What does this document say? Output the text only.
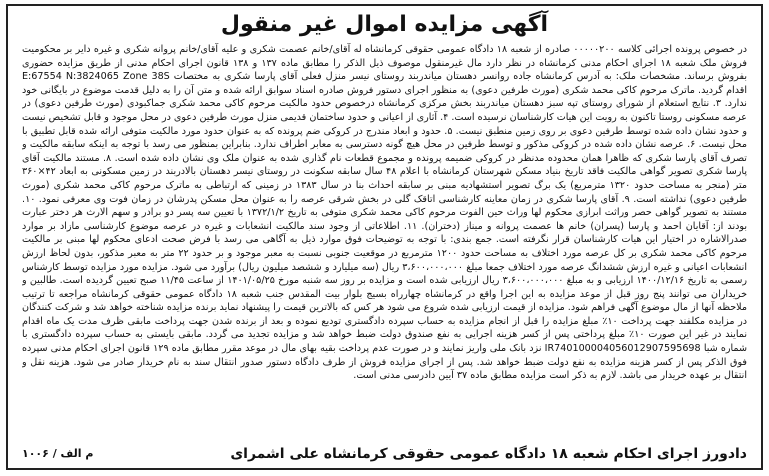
آگهی مزایده اموال غیر منقول

در خصوص پرونده اجرائی کلاسه ۰۰۰۰۰۲۰۰ صادره از شعبه ۱۸ دادگاه عمومی حقوقی کرمانشاه له آقای/خانم عصمت شکری و علیه آقای/خانم پروانه شکری و غیره دایر بر محکومیت فروش ملک شعبه ۱۸ اجرای احکام مدنی کرمانشاه در نظر دارد مال غیرمنقول موصوف ذیل الذکر را مطابق ماده ۱۳۷ و ۱۳۸ قانون اجرای احکام مدنی از طریق مزایده حضوری بفروش برساند. مشخصات ملک: به آدرس کرمانشاه جاده روانسر دهستان میاندربند روستای نیسر منزل فعلی آقای پارسا شکری به مختصات E:67554 N:3824065 Zone 38S اقدام گردید. ماترک مرحوم کاکی محمد شکری (مورث طرفین دعوی) به منظور اجرای دستور فروش صادره اسناد سوابق ارائه شده و متن آن را به دلیل قدمت موضوع در بایگانی خود ندارد. ۳. نتایج استعلام از شورای روستای تپه سبز دهستان میاندربند بخش مرکزی کرمانشاه درخصوص حدود مالکیت مرحوم کاکی محمد شکری جماکبودی (مورث طرفین دعوی) در عرصه مسکونی روستا تاکنون به رویت این هیات کارشناسان نرسیده است. ۴. آثاری از اعیانی و حدود ساختمان قدیمی منزل مورث طرفین دعوی در محل موجود و قابل تشخیص نیست و حدود نشان داده شده توسط طرفین دعوی بر روی زمین منطبق نیست. ۵. حدود و ابعاد مندرج در کروکی ضم پرونده که به عنوان حدود مورد مالکیت متوفی ارائه شده قابل تطبیق با محل نیست. ۶. عرصه نشان داده شده در کروکی مذکور و توسط طرفین در محل هیچ گونه دسترسی به معابر اطراف ندارد. بنابراین بمنظور می رسد با توجه به اینکه سابقه مالکیت و تصرف آقای پارسا شکری که ظاهرا همان محدوده مدنظر در کروکی ضمیمه پرونده و مجموع قطعات نام گذاری شده به عنوان ملک وی نشان داده شده است. ۸. مستند مالکیت آقای پارسا شکری تصویر گواهی مالکیت فاقد تاریخ بنیاد مسکن شهرستان کرمانشاه با اعلام ۴۸ سال سابقه سکونت در روستای نیسر دهستان بالادربند در زمین مسکونی به ابعاد ۴۲×۳۶۰ متر (منجر به مساحت حدود ۱۳۲۰ مترمربع) یک برگ تصویر استشهادیه مبنی بر سابقه احداث بنا در سال ۱۳۸۳ در زمینی که ارتباطی به ماترک مرحوم کاکی محمد شکری (مورث طرفین دعوی) نداشته است. ۹. آقای پارسا شکری در زمان معاینه کارشناسی اتاقک گلی در بخش شرقی عرصه را به عنوان محل مسکن پدرشان در زمان فوت وی معرفی نمود. ۱۰. مستند به تصویر گواهی حصر وراثت ابرازی محکوم لها وراث حین الفوت مرحوم کاکی محمد شکری متوفی به تاریخ ۱۳۷۲/۱/۲ با تعیین سه پسر دو برادر و سهم الارث هر دختر عبارت بودند از: آقایان احمد و پارسا (پسران) خانم ها عصمت پروانه و میناز (دختران). ۱۱. اطلاعاتی از وجود سند مالکیت انشعابات و غیره در عرصه موضوع کارشناسی مازاد بر موارد صدرالاشاره در اختیار این هیات کارشناسان قرار نگرفته است. جمع بندی: با توجه به توضیحات فوق موارد ذیل به آگاهی می رسد با فرض صحت ادعای محکوم لها مبنی بر مالکیت مرحوم کاکی محمد شکری بر کل عرصه مورد اختلاف به مساحت حدود ۱۲۰۰ مترمربع در موقعیت جنوبی نسبت به معبر موجود و بر حدود ۲۲ متر به معبر مذکور، بدون لحاظ ارزش انشعابات اعیانی و غیره ارزش ششدانگ عرصه مورد اختلاف جمعا مبلغ ۳،۶۰۰،۰۰۰،۰۰۰ ریال (سه میلیارد و ششصد میلیون ریال) برآورد می شود. مزایده مورد مزایده توسط کارشناس رسمی به تاریخ ۱۴۰۰/۱۲/۱۶ ارزیابی و به مبلغ ۳،۶۰۰،۰۰۰،۰۰۰ ریال ارزیابی شده است و مزایده بر روز سه شنبه مورخ ۱۴۰۱/۰۵/۲۵ از ساعت ۱۱/۴۵ صبح تعیین گردیده است. طالبین و خریداران می توانند پنج روز قبل از موعد مزایده به این اجرا واقع در کرمانشاه چهارراه بسیج بلوار بیت المقدس جنب شعبه ۱۸ دادگاه عمومی حقوقی کرمانشاه مراجعه تا ترتیب ملاحظه آنها از مال موضوع آگهی فراهم شود. مزایده از قیمت ارزیابی شده شروع می شود هر کس که بالاترین قیمت را پیشنهاد نماید برنده مزایده شناخته خواهد شد و شرکت کنندگان در مزایده مکلفند جهت پرداخت ۱۰٪ مبلغ مزایده را قبل از انجام مزایده به حساب سپرده دادگستری تودیع نموده و بعد از برنده شدن جهت پرداخت مابقی ظرف مدت یک ماه اقدام نمایند در غیر این صورت ۱۰٪ مبلغ پرداختی پس از کسر هزینه اجرایی به نفع صندوق دولت ضبط خواهد شد و مزایده تجدید می گردد. مابقی بایستی به حساب سپرده دادگستری با شماره شبا IR740100004056012907595698 نزد بانک ملی واریز نمایند و در صورت عدم پرداخت بقیه بهای مال در موعد مقرر مطابق ماده ۱۲۹ قانون اجرای احکام مدنی سپرده فوق الذکر پس از کسر هزینه مزایده به نفع دولت ضبط خواهد شد. پس از اجرای مزایده فروش از طرف دادگاه دستور صدور انتقال سند به نام خریدار صادر می شود. هزینه نقل و انتقال بر عهده خریدار می باشد. لازم به ذکر است مزایده مطابق ماده ۳۷ آیین دادرسی مدنی است.

دادورز اجرای احکام شعبه ۱۸ دادگاه عمومی حقوقی کرمانشاه علی اشمرای
م الف / ۱۰۰۶
